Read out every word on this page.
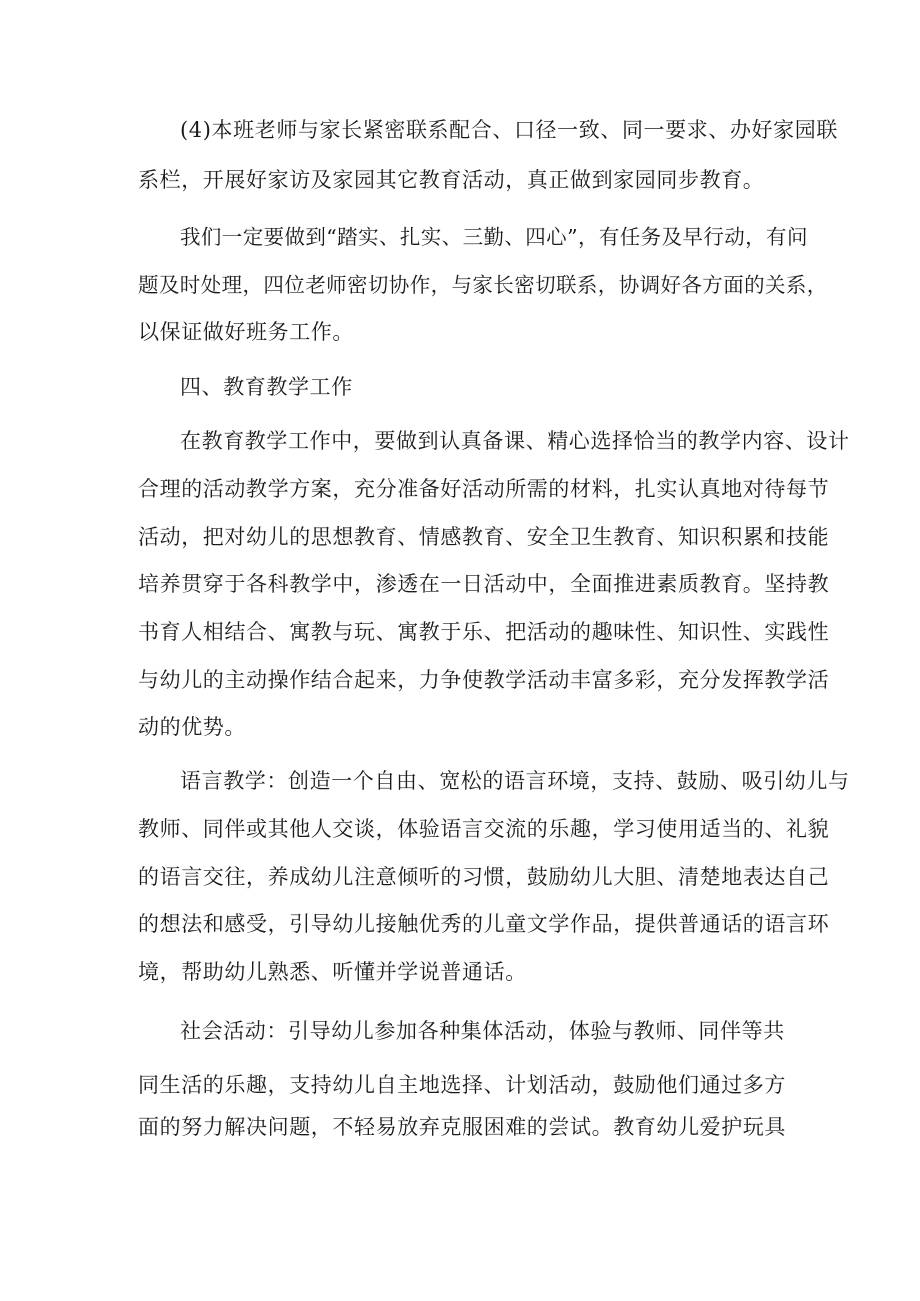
(4)本班老师与家长紧密联系配合、口径一致、同一要求、办好家园联
系栏，开展好家访及家园其它教育活动，真正做到家园同步教育。
我们一定要做到“踏实、扎实、三勤、四心”，有任务及早行动，有问
题及时处理，四位老师密切协作，与家长密切联系，协调好各方面的关系，
以保证做好班务工作。
四、教育教学工作
在教育教学工作中，要做到认真备课、精心选择恰当的教学内容、设计
合理的活动教学方案，充分准备好活动所需的材料，扎实认真地对待每节
活动，把对幼儿的思想教育、情感教育、安全卫生教育、知识积累和技能
培养贯穿于各科教学中，渗透在一日活动中，全面推进素质教育。坚持教
书育人相结合、寓教与玩、寓教于乐、把活动的趣味性、知识性、实践性
与幼儿的主动操作结合起来，力争使教学活动丰富多彩，充分发挥教学活
动的优势。
语言教学：创造一个自由、宽松的语言环境，支持、鼓励、吸引幼儿与
教师、同伴或其他人交谈，体验语言交流的乐趣，学习使用适当的、礼貌
的语言交往，养成幼儿注意倾听的习惯，鼓励幼儿大胆、清楚地表达自己
的想法和感受，引导幼儿接触优秀的儿童文学作品，提供普通话的语言环
境，帮助幼儿熟悉、听懂并学说普通话。
社会活动：引导幼儿参加各种集体活动，体验与教师、同伴等共
同生活的乐趣，支持幼儿自主地选择、计划活动，鼓励他们通过多方
面的努力解决问题，不轻易放弃克服困难的尝试。教育幼儿爱护玩具
